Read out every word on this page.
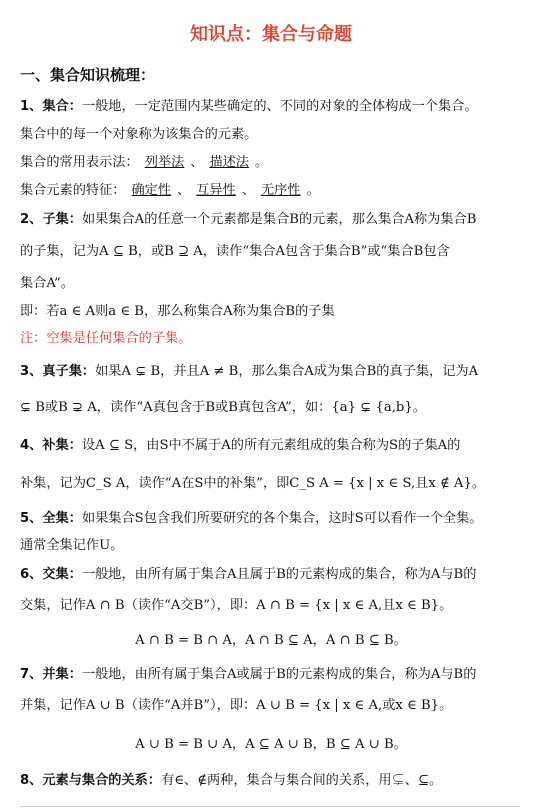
知识点：集合与命题
一、集合知识梳理：
1、集合：一般地，一定范围内某些确定的、不同的对象的全体构成一个集合。
集合中的每一个对象称为该集合的元素。
集合的常用表示法： 列举法 、 描述法 。
集合元素的特征： 确定性 、 互异性 、 无序性 。
2、子集：如果集合A的任意一个元素都是集合B的元素，那么集合A称为集合B
的子集，记为A ⊆ B，或B ⊇ A，读作“集合A包含于集合B”或“集合B包含
集合A”。
即：若a ∈ A则a ∈ B，那么称集合A称为集合B的子集
注：空集是任何集合的子集。
3、真子集：如果A ⊊ B，并且A ≠ B，那么集合A成为集合B的真子集，记为A
⊊ B或B ⊋ A，读作“A真包含于B或B真包含A”，如：{a} ⊊ {a,b}。
4、补集：设A ⊆ S，由S中不属于A的所有元素组成的集合称为S的子集A的
补集，记为C_S A，读作“A在S中的补集”，即C_S A = {x | x ∈ S,且x ∉ A}。
5、全集：如果集合S包含我们所要研究的各个集合，这时S可以看作一个全集。
通常全集记作U。
6、交集：一般地，由所有属于集合A且属于B的元素构成的集合，称为A与B的
交集，记作A ∩ B（读作“A交B”），即：A ∩ B = {x | x ∈ A,且x ∈ B}。
A ∩ B = B ∩ A，A ∩ B ⊆ A，A ∩ B ⊆ B。
7、并集：一般地，由所有属于集合A或属于B的元素构成的集合，称为A与B的
并集，记作A ∪ B（读作“A并B”），即：A ∪ B = {x | x ∈ A,或x ∈ B}。
A ∪ B = B ∪ A，A ⊆ A ∪ B，B ⊆ A ∪ B。
8、元素与集合的关系：有∈、∉两种，集合与集合间的关系，用⊊、⊆。
